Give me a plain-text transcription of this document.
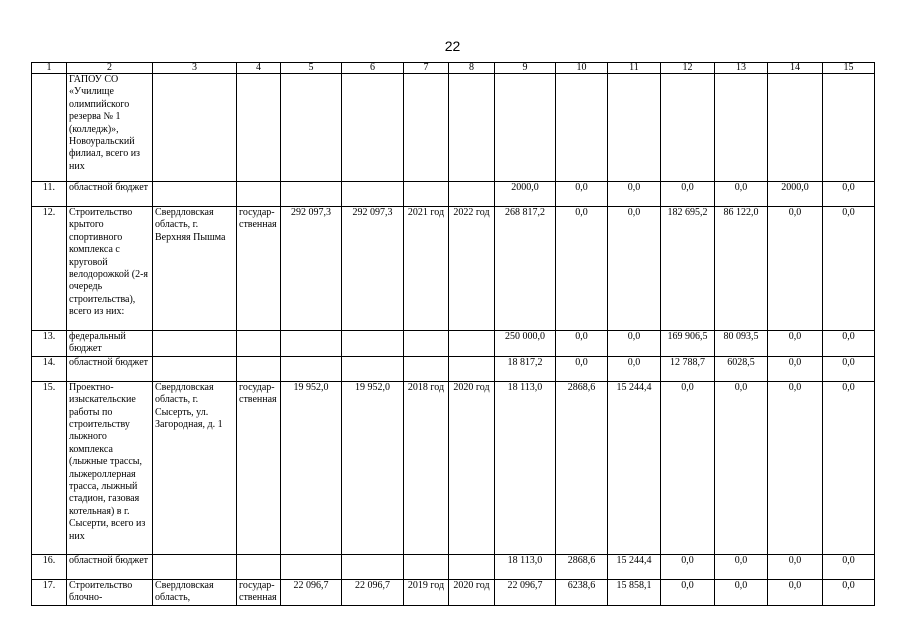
22
1	2	3	4	5	6	7	8	9	10	11	12	13	14	15
	ГАПОУ СО «Училище олимпийского резерва № 1 (колледж)», Новоуральский филиал, всего из них													
11.	областной бюджет							2000,0	0,0	0,0	0,0	0,0	2000,0	0,0
12.	Строительство крытого спортивного комплекса с круговой велодорожкой (2-я очередь строительства), всего из них:	Свердловская область, г. Верхняя Пышма	государ-ственная	292 097,3	292 097,3	2021 год	2022 год	268 817,2	0,0	0,0	182 695,2	86 122,0	0,0	0,0
13.	федеральный бюджет							250 000,0	0,0	0,0	169 906,5	80 093,5	0,0	0,0
14.	областной бюджет							18 817,2	0,0	0,0	12 788,7	6028,5	0,0	0,0
15.	Проектно-изыскательские работы по строительству лыжного комплекса (лыжные трассы, лыжероллерная трасса, лыжный стадион, газовая котельная) в г. Сысерти, всего из них	Свердловская область, г. Сысерть, ул. Загородная, д. 1	государ-ственная	19 952,0	19 952,0	2018 год	2020 год	18 113,0	2868,6	15 244,4	0,0	0,0	0,0	0,0
16.	областной бюджет							18 113,0	2868,6	15 244,4	0,0	0,0	0,0	0,0
17.	Строительство блочно-	Свердловская область,	государ-ственная	22 096,7	22 096,7	2019 год	2020 год	22 096,7	6238,6	15 858,1	0,0	0,0	0,0	0,0
